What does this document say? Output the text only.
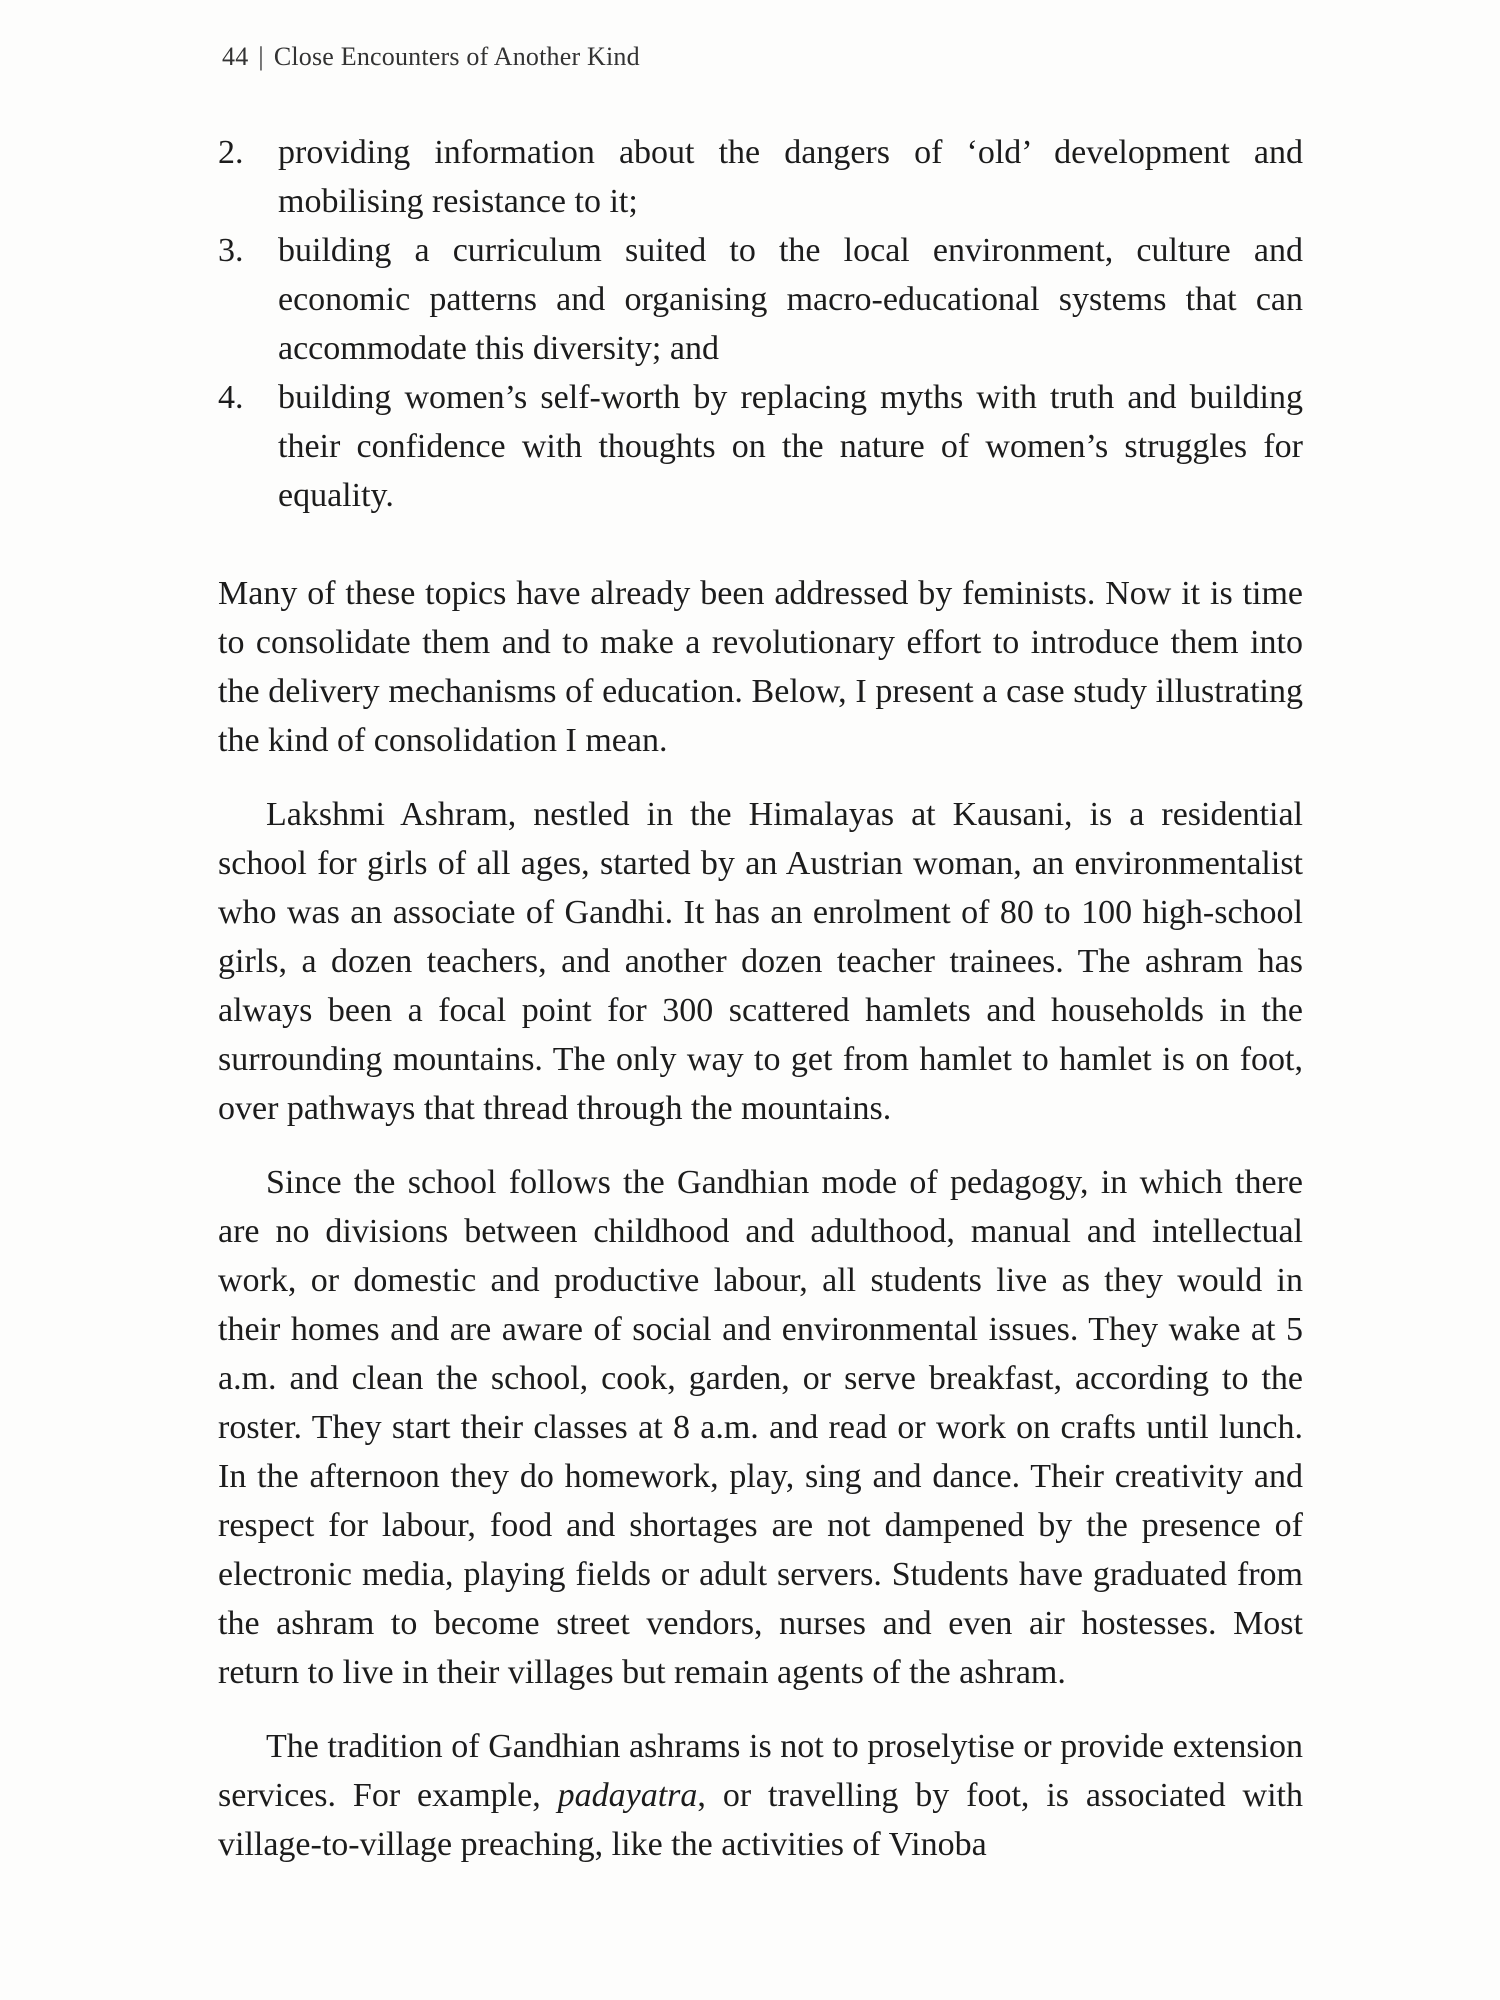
44 | Close Encounters of Another Kind
2. providing information about the dangers of ‘old’ development and mobilising resistance to it;
3. building a curriculum suited to the local environment, culture and economic patterns and organising macro-educational systems that can accommodate this diversity; and
4. building women’s self-worth by replacing myths with truth and building their confidence with thoughts on the nature of women’s struggles for equality.

Many of these topics have already been addressed by feminists. Now it is time to consolidate them and to make a revolutionary effort to introduce them into the delivery mechanisms of education. Below, I present a case study illustrating the kind of consolidation I mean.

Lakshmi Ashram, nestled in the Himalayas at Kausani, is a residential school for girls of all ages, started by an Austrian woman, an environmentalist who was an associate of Gandhi. It has an enrolment of 80 to 100 high-school girls, a dozen teachers, and another dozen teacher trainees. The ashram has always been a focal point for 300 scattered hamlets and households in the surrounding mountains. The only way to get from hamlet to hamlet is on foot, over pathways that thread through the mountains.

Since the school follows the Gandhian mode of pedagogy, in which there are no divisions between childhood and adulthood, manual and intellectual work, or domestic and productive labour, all students live as they would in their homes and are aware of social and environmental issues. They wake at 5 a.m. and clean the school, cook, garden, or serve breakfast, according to the roster. They start their classes at 8 a.m. and read or work on crafts until lunch. In the afternoon they do homework, play, sing and dance. Their creativity and respect for labour, food and shortages are not dampened by the presence of electronic media, playing fields or adult servers. Students have graduated from the ashram to become street vendors, nurses and even air hostesses. Most return to live in their villages but remain agents of the ashram.

The tradition of Gandhian ashrams is not to proselytise or provide extension services. For example, padayatra, or travelling by foot, is associated with village-to-village preaching, like the activities of Vinoba
